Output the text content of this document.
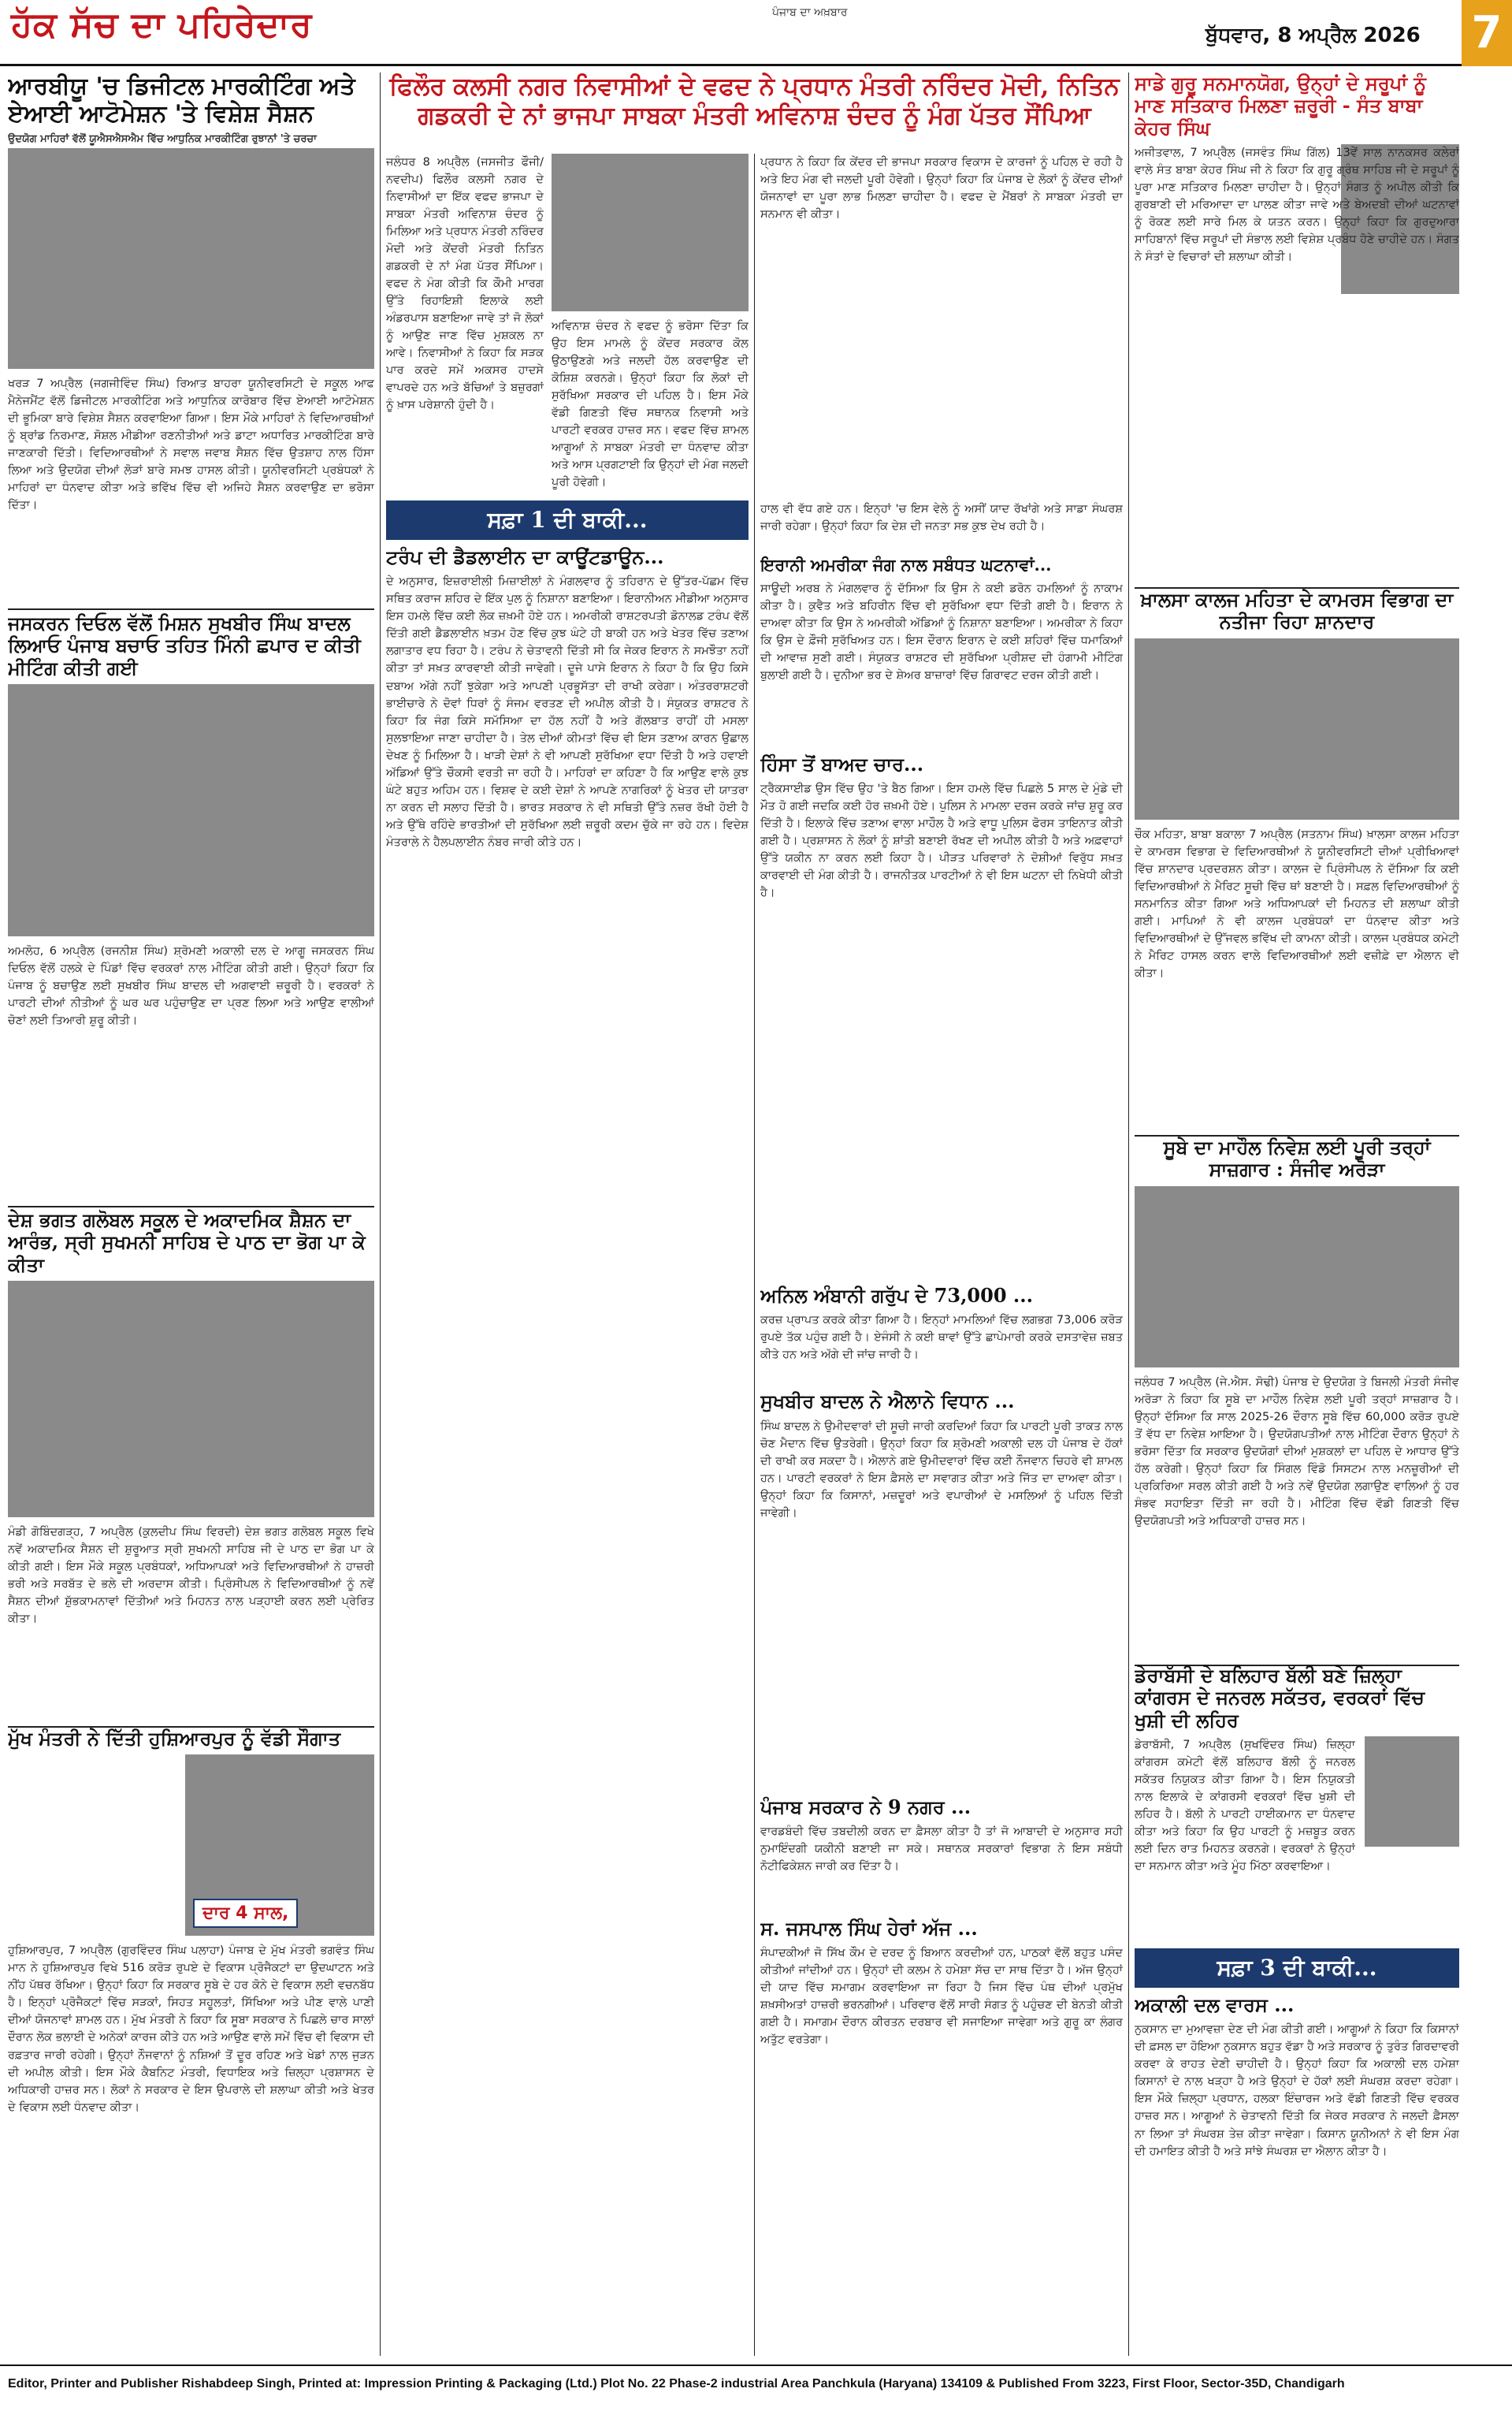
ਹੱਕ ਸੱਚ ਦਾ ਪਹਿਰੇਦਾਰ	ਪੰਜਾਬ ਦਾ ਅਖ਼ਬਾਰ
ਬੁੱਧਵਾਰ, 8 ਅਪ੍ਰੈਲ 2026 7
ਆਰਬੀਯੂ 'ਚ ਡਿਜੀਟਲ ਮਾਰਕੀਟਿੰਗ ਅਤੇ ਏਆਈ ਆਟੋਮੇਸ਼ਨ 'ਤੇ ਵਿਸ਼ੇਸ਼ ਸੈਸ਼ਨ
ਉਦਯੋਗ ਮਾਹਿਰਾਂ ਵੱਲੋਂ ਯੂਐਸਐਸਐਮ ਵਿੱਚ ਆਧੁਨਿਕ ਮਾਰਕੀਟਿੰਗ ਰੁਝਾਨਾਂ 'ਤੇ ਚਰਚਾ
ਖਰੜ 7 ਅਪ੍ਰੈਲ (ਜਗਜੀਵਿੰਦ ਸਿੰਘ) ਰਿਆਤ ਬਾਹਰਾ ਯੂਨੀਵਰਸਿਟੀ ਦੇ ਸਕੂਲ ਆਫ ਮੈਨੇਜਮੈਂਟ ਵੱਲੋਂ ਡਿਜੀਟਲ ਮਾਰਕੀਟਿੰਗ ਅਤੇ ਆਧੁਨਿਕ ਕਾਰੋਬਾਰ ਵਿੱਚ ਏਆਈ ਆਟੋਮੇਸ਼ਨ ਦੀ ਭੂਮਿਕਾ ਬਾਰੇ ਵਿਸ਼ੇਸ਼ ਸੈਸ਼ਨ ਕਰਵਾਇਆ ਗਿਆ। ਇਸ ਮੌਕੇ ਮਾਹਿਰਾਂ ਨੇ ਵਿਦਿਆਰਥੀਆਂ ਨੂੰ ਬ੍ਰਾਂਡ ਨਿਰਮਾਣ, ਸੋਸ਼ਲ ਮੀਡੀਆ ਰਣਨੀਤੀਆਂ ਅਤੇ ਡਾਟਾ ਅਧਾਰਿਤ ਮਾਰਕੀਟਿੰਗ ਬਾਰੇ ਜਾਣਕਾਰੀ ਦਿੱਤੀ। ਵਿਦਿਆਰਥੀਆਂ ਨੇ ਸਵਾਲ ਜਵਾਬ ਸੈਸ਼ਨ ਵਿੱਚ ਉਤਸ਼ਾਹ ਨਾਲ ਹਿੱਸਾ ਲਿਆ ਅਤੇ ਉਦਯੋਗ ਦੀਆਂ ਲੋੜਾਂ ਬਾਰੇ ਸਮਝ ਹਾਸਲ ਕੀਤੀ। ਯੂਨੀਵਰਸਿਟੀ ਪ੍ਰਬੰਧਕਾਂ ਨੇ ਮਾਹਿਰਾਂ ਦਾ ਧੰਨਵਾਦ ਕੀਤਾ ਅਤੇ ਭਵਿੱਖ ਵਿੱਚ ਵੀ ਅਜਿਹੇ ਸੈਸ਼ਨ ਕਰਵਾਉਣ ਦਾ ਭਰੋਸਾ ਦਿੱਤਾ।
ਜਸਕਰਨ ਦਿਓਲ ਵੱਲੋਂ ਮਿਸ਼ਨ ਸੁਖਬੀਰ ਸਿੰਘ ਬਾਦਲ ਲਿਆਓ ਪੰਜਾਬ ਬਚਾਓ ਤਹਿਤ ਮਿੰਨੀ ਛਪਾਰ ਦ ਕੀਤੀ ਮੀਟਿੰਗ ਕੀਤੀ ਗਈ
ਅਮਲੋਹ, 6 ਅਪ੍ਰੈਲ (ਰਜਨੀਸ਼ ਸਿੰਘ) ਸ਼੍ਰੋਮਣੀ ਅਕਾਲੀ ਦਲ ਦੇ ਆਗੂ ਜਸਕਰਨ ਸਿੰਘ ਦਿਓਲ ਵੱਲੋਂ ਹਲਕੇ ਦੇ ਪਿੰਡਾਂ ਵਿੱਚ ਵਰਕਰਾਂ ਨਾਲ ਮੀਟਿੰਗ ਕੀਤੀ ਗਈ। ਉਨ੍ਹਾਂ ਕਿਹਾ ਕਿ ਪੰਜਾਬ ਨੂੰ ਬਚਾਉਣ ਲਈ ਸੁਖਬੀਰ ਸਿੰਘ ਬਾਦਲ ਦੀ ਅਗਵਾਈ ਜ਼ਰੂਰੀ ਹੈ। ਵਰਕਰਾਂ ਨੇ ਪਾਰਟੀ ਦੀਆਂ ਨੀਤੀਆਂ ਨੂੰ ਘਰ ਘਰ ਪਹੁੰਚਾਉਣ ਦਾ ਪ੍ਰਣ ਲਿਆ ਅਤੇ ਆਉਣ ਵਾਲੀਆਂ ਚੋਣਾਂ ਲਈ ਤਿਆਰੀ ਸ਼ੁਰੂ ਕੀਤੀ।
ਦੇਸ਼ ਭਗਤ ਗਲੋਬਲ ਸਕੂਲ ਦੇ ਅਕਾਦਮਿਕ ਸ਼ੈਸ਼ਨ ਦਾ ਆਰੰਭ, ਸ੍ਰੀ ਸੁਖਮਨੀ ਸਾਹਿਬ ਦੇ ਪਾਠ ਦਾ ਭੋਗ ਪਾ ਕੇ ਕੀਤਾ
ਮੰਡੀ ਗੋਬਿੰਦਗੜ੍ਹ, 7 ਅਪ੍ਰੈਲ (ਕੁਲਦੀਪ ਸਿੰਘ ਵਿਰਦੀ) ਦੇਸ਼ ਭਗਤ ਗਲੋਬਲ ਸਕੂਲ ਵਿਖੇ ਨਵੇਂ ਅਕਾਦਮਿਕ ਸੈਸ਼ਨ ਦੀ ਸ਼ੁਰੂਆਤ ਸ੍ਰੀ ਸੁਖਮਨੀ ਸਾਹਿਬ ਜੀ ਦੇ ਪਾਠ ਦਾ ਭੋਗ ਪਾ ਕੇ ਕੀਤੀ ਗਈ। ਇਸ ਮੌਕੇ ਸਕੂਲ ਪ੍ਰਬੰਧਕਾਂ, ਅਧਿਆਪਕਾਂ ਅਤੇ ਵਿਦਿਆਰਥੀਆਂ ਨੇ ਹਾਜ਼ਰੀ ਭਰੀ ਅਤੇ ਸਰਬੱਤ ਦੇ ਭਲੇ ਦੀ ਅਰਦਾਸ ਕੀਤੀ। ਪ੍ਰਿੰਸੀਪਲ ਨੇ ਵਿਦਿਆਰਥੀਆਂ ਨੂੰ ਨਵੇਂ ਸੈਸ਼ਨ ਦੀਆਂ ਸ਼ੁੱਭਕਾਮਨਾਵਾਂ ਦਿੱਤੀਆਂ ਅਤੇ ਮਿਹਨਤ ਨਾਲ ਪੜ੍ਹਾਈ ਕਰਨ ਲਈ ਪ੍ਰੇਰਿਤ ਕੀਤਾ।
ਮੁੱਖ ਮੰਤਰੀ ਨੇ ਦਿੱਤੀ ਹੁਸ਼ਿਆਰਪੁਰ ਨੂੰ ਵੱਡੀ ਸੌਗਾਤ
ਦਾਰ 4 ਸਾਲ,
ਹੁਸ਼ਿਆਰਪੁਰ, 7 ਅਪ੍ਰੈਲ (ਗੁਰਵਿੰਦਰ ਸਿੰਘ ਪਲਾਹਾ) ਪੰਜਾਬ ਦੇ ਮੁੱਖ ਮੰਤਰੀ ਭਗਵੰਤ ਸਿੰਘ ਮਾਨ ਨੇ ਹੁਸ਼ਿਆਰਪੁਰ ਵਿਖੇ 516 ਕਰੋੜ ਰੁਪਏ ਦੇ ਵਿਕਾਸ ਪ੍ਰੋਜੈਕਟਾਂ ਦਾ ਉਦਘਾਟਨ ਅਤੇ ਨੀਂਹ ਪੱਥਰ ਰੱਖਿਆ। ਉਨ੍ਹਾਂ ਕਿਹਾ ਕਿ ਸਰਕਾਰ ਸੂਬੇ ਦੇ ਹਰ ਕੋਨੇ ਦੇ ਵਿਕਾਸ ਲਈ ਵਚਨਬੱਧ ਹੈ। ਇਨ੍ਹਾਂ ਪ੍ਰੋਜੈਕਟਾਂ ਵਿੱਚ ਸੜਕਾਂ, ਸਿਹਤ ਸਹੂਲਤਾਂ, ਸਿੱਖਿਆ ਅਤੇ ਪੀਣ ਵਾਲੇ ਪਾਣੀ ਦੀਆਂ ਯੋਜਨਾਵਾਂ ਸ਼ਾਮਲ ਹਨ। ਮੁੱਖ ਮੰਤਰੀ ਨੇ ਕਿਹਾ ਕਿ ਸੂਬਾ ਸਰਕਾਰ ਨੇ ਪਿਛਲੇ ਚਾਰ ਸਾਲਾਂ ਦੌਰਾਨ ਲੋਕ ਭਲਾਈ ਦੇ ਅਨੇਕਾਂ ਕਾਰਜ ਕੀਤੇ ਹਨ ਅਤੇ ਆਉਣ ਵਾਲੇ ਸਮੇਂ ਵਿੱਚ ਵੀ ਵਿਕਾਸ ਦੀ ਰਫ਼ਤਾਰ ਜਾਰੀ ਰਹੇਗੀ। ਉਨ੍ਹਾਂ ਨੌਜਵਾਨਾਂ ਨੂੰ ਨਸ਼ਿਆਂ ਤੋਂ ਦੂਰ ਰਹਿਣ ਅਤੇ ਖੇਡਾਂ ਨਾਲ ਜੁੜਨ ਦੀ ਅਪੀਲ ਕੀਤੀ। ਇਸ ਮੌਕੇ ਕੈਬਨਿਟ ਮੰਤਰੀ, ਵਿਧਾਇਕ ਅਤੇ ਜ਼ਿਲ੍ਹਾ ਪ੍ਰਸ਼ਾਸਨ ਦੇ ਅਧਿਕਾਰੀ ਹਾਜ਼ਰ ਸਨ। ਲੋਕਾਂ ਨੇ ਸਰਕਾਰ ਦੇ ਇਸ ਉਪਰਾਲੇ ਦੀ ਸ਼ਲਾਘਾ ਕੀਤੀ ਅਤੇ ਖੇਤਰ ਦੇ ਵਿਕਾਸ ਲਈ ਧੰਨਵਾਦ ਕੀਤਾ।
ਫਿਲੌਰ ਕਲਸੀ ਨਗਰ ਨਿਵਾਸੀਆਂ ਦੇ ਵਫਦ ਨੇ ਪ੍ਰਧਾਨ ਮੰਤਰੀ ਨਰਿੰਦਰ ਮੋਦੀ, ਨਿਤਿਨ ਗਡਕਰੀ ਦੇ ਨਾਂ ਭਾਜਪਾ ਸਾਬਕਾ ਮੰਤਰੀ ਅਵਿਨਾਸ਼ ਚੰਦਰ ਨੂੰ ਮੰਗ ਪੱਤਰ ਸੌਂਪਿਆ
ਜਲੰਧਰ 8 ਅਪ੍ਰੈਲ (ਜਸਜੀਤ ਫੌਜੀ/ਨਵਦੀਪ) ਫਿਲੌਰ ਕਲਸੀ ਨਗਰ ਦੇ ਨਿਵਾਸੀਆਂ ਦਾ ਇੱਕ ਵਫਦ ਭਾਜਪਾ ਦੇ ਸਾਬਕਾ ਮੰਤਰੀ ਅਵਿਨਾਸ਼ ਚੰਦਰ ਨੂੰ ਮਿਲਿਆ ਅਤੇ ਪ੍ਰਧਾਨ ਮੰਤਰੀ ਨਰਿੰਦਰ ਮੋਦੀ ਅਤੇ ਕੇਂਦਰੀ ਮੰਤਰੀ ਨਿਤਿਨ ਗਡਕਰੀ ਦੇ ਨਾਂ ਮੰਗ ਪੱਤਰ ਸੌਂਪਿਆ। ਵਫਦ ਨੇ ਮੰਗ ਕੀਤੀ ਕਿ ਕੌਮੀ ਮਾਰਗ ਉੱਤੇ ਰਿਹਾਇਸ਼ੀ ਇਲਾਕੇ ਲਈ ਅੰਡਰਪਾਸ ਬਣਾਇਆ ਜਾਵੇ ਤਾਂ ਜੋ ਲੋਕਾਂ ਨੂੰ ਆਉਣ ਜਾਣ ਵਿੱਚ ਮੁਸ਼ਕਲ ਨਾ ਆਵੇ। ਨਿਵਾਸੀਆਂ ਨੇ ਕਿਹਾ ਕਿ ਸੜਕ ਪਾਰ ਕਰਦੇ ਸਮੇਂ ਅਕਸਰ ਹਾਦਸੇ ਵਾਪਰਦੇ ਹਨ ਅਤੇ ਬੱਚਿਆਂ ਤੇ ਬਜ਼ੁਰਗਾਂ ਨੂੰ ਖ਼ਾਸ ਪਰੇਸ਼ਾਨੀ ਹੁੰਦੀ ਹੈ।
ਅਵਿਨਾਸ਼ ਚੰਦਰ ਨੇ ਵਫਦ ਨੂੰ ਭਰੋਸਾ ਦਿੱਤਾ ਕਿ ਉਹ ਇਸ ਮਾਮਲੇ ਨੂੰ ਕੇਂਦਰ ਸਰਕਾਰ ਕੋਲ ਉਠਾਉਣਗੇ ਅਤੇ ਜਲਦੀ ਹੱਲ ਕਰਵਾਉਣ ਦੀ ਕੋਸ਼ਿਸ਼ ਕਰਨਗੇ। ਉਨ੍ਹਾਂ ਕਿਹਾ ਕਿ ਲੋਕਾਂ ਦੀ ਸੁਰੱਖਿਆ ਸਰਕਾਰ ਦੀ ਪਹਿਲ ਹੈ। ਇਸ ਮੌਕੇ ਵੱਡੀ ਗਿਣਤੀ ਵਿੱਚ ਸਥਾਨਕ ਨਿਵਾਸੀ ਅਤੇ ਪਾਰਟੀ ਵਰਕਰ ਹਾਜ਼ਰ ਸਨ। ਵਫਦ ਵਿੱਚ ਸ਼ਾਮਲ ਆਗੂਆਂ ਨੇ ਸਾਬਕਾ ਮੰਤਰੀ ਦਾ ਧੰਨਵਾਦ ਕੀਤਾ ਅਤੇ ਆਸ ਪ੍ਰਗਟਾਈ ਕਿ ਉਨ੍ਹਾਂ ਦੀ ਮੰਗ ਜਲਦੀ ਪੂਰੀ ਹੋਵੇਗੀ।
ਸਫ਼ਾ 1 ਦੀ ਬਾਕੀ...
ਟਰੰਪ ਦੀ ਡੈਡਲਾਈਨ ਦਾ ਕਾਊਂਟਡਾਊਨ...
ਦੇ ਅਨੁਸਾਰ, ਇਜ਼ਰਾਈਲੀ ਮਿਜ਼ਾਈਲਾਂ ਨੇ ਮੰਗਲਵਾਰ ਨੂੰ ਤਹਿਰਾਨ ਦੇ ਉੱਤਰ-ਪੱਛਮ ਵਿੱਚ ਸਥਿਤ ਕਰਾਜ ਸ਼ਹਿਰ ਦੇ ਇੱਕ ਪੁਲ ਨੂੰ ਨਿਸ਼ਾਨਾ ਬਣਾਇਆ। ਇਰਾਨੀਅਨ ਮੀਡੀਆ ਅਨੁਸਾਰ ਇਸ ਹਮਲੇ ਵਿੱਚ ਕਈ ਲੋਕ ਜ਼ਖ਼ਮੀ ਹੋਏ ਹਨ। ਅਮਰੀਕੀ ਰਾਸ਼ਟਰਪਤੀ ਡੋਨਾਲਡ ਟਰੰਪ ਵੱਲੋਂ ਦਿੱਤੀ ਗਈ ਡੈਡਲਾਈਨ ਖ਼ਤਮ ਹੋਣ ਵਿੱਚ ਕੁਝ ਘੰਟੇ ਹੀ ਬਾਕੀ ਹਨ ਅਤੇ ਖੇਤਰ ਵਿੱਚ ਤਣਾਅ ਲਗਾਤਾਰ ਵਧ ਰਿਹਾ ਹੈ। ਟਰੰਪ ਨੇ ਚੇਤਾਵਨੀ ਦਿੱਤੀ ਸੀ ਕਿ ਜੇਕਰ ਇਰਾਨ ਨੇ ਸਮਝੌਤਾ ਨਹੀਂ ਕੀਤਾ ਤਾਂ ਸਖ਼ਤ ਕਾਰਵਾਈ ਕੀਤੀ ਜਾਵੇਗੀ। ਦੂਜੇ ਪਾਸੇ ਇਰਾਨ ਨੇ ਕਿਹਾ ਹੈ ਕਿ ਉਹ ਕਿਸੇ ਦਬਾਅ ਅੱਗੇ ਨਹੀਂ ਝੁਕੇਗਾ ਅਤੇ ਆਪਣੀ ਪ੍ਰਭੂਸੱਤਾ ਦੀ ਰਾਖੀ ਕਰੇਗਾ। ਅੰਤਰਰਾਸ਼ਟਰੀ ਭਾਈਚਾਰੇ ਨੇ ਦੋਵਾਂ ਧਿਰਾਂ ਨੂੰ ਸੰਜਮ ਵਰਤਣ ਦੀ ਅਪੀਲ ਕੀਤੀ ਹੈ। ਸੰਯੁਕਤ ਰਾਸ਼ਟਰ ਨੇ ਕਿਹਾ ਕਿ ਜੰਗ ਕਿਸੇ ਸਮੱਸਿਆ ਦਾ ਹੱਲ ਨਹੀਂ ਹੈ ਅਤੇ ਗੱਲਬਾਤ ਰਾਹੀਂ ਹੀ ਮਸਲਾ ਸੁਲਝਾਇਆ ਜਾਣਾ ਚਾਹੀਦਾ ਹੈ। ਤੇਲ ਦੀਆਂ ਕੀਮਤਾਂ ਵਿੱਚ ਵੀ ਇਸ ਤਣਾਅ ਕਾਰਨ ਉਛਾਲ ਦੇਖਣ ਨੂੰ ਮਿਲਿਆ ਹੈ। ਖਾੜੀ ਦੇਸ਼ਾਂ ਨੇ ਵੀ ਆਪਣੀ ਸੁਰੱਖਿਆ ਵਧਾ ਦਿੱਤੀ ਹੈ ਅਤੇ ਹਵਾਈ ਅੱਡਿਆਂ ਉੱਤੇ ਚੌਕਸੀ ਵਰਤੀ ਜਾ ਰਹੀ ਹੈ। ਮਾਹਿਰਾਂ ਦਾ ਕਹਿਣਾ ਹੈ ਕਿ ਆਉਣ ਵਾਲੇ ਕੁਝ ਘੰਟੇ ਬਹੁਤ ਅਹਿਮ ਹਨ। ਵਿਸ਼ਵ ਦੇ ਕਈ ਦੇਸ਼ਾਂ ਨੇ ਆਪਣੇ ਨਾਗਰਿਕਾਂ ਨੂੰ ਖੇਤਰ ਦੀ ਯਾਤਰਾ ਨਾ ਕਰਨ ਦੀ ਸਲਾਹ ਦਿੱਤੀ ਹੈ। ਭਾਰਤ ਸਰਕਾਰ ਨੇ ਵੀ ਸਥਿਤੀ ਉੱਤੇ ਨਜ਼ਰ ਰੱਖੀ ਹੋਈ ਹੈ ਅਤੇ ਉੱਥੇ ਰਹਿੰਦੇ ਭਾਰਤੀਆਂ ਦੀ ਸੁਰੱਖਿਆ ਲਈ ਜ਼ਰੂਰੀ ਕਦਮ ਚੁੱਕੇ ਜਾ ਰਹੇ ਹਨ। ਵਿਦੇਸ਼ ਮੰਤਰਾਲੇ ਨੇ ਹੈਲਪਲਾਈਨ ਨੰਬਰ ਜਾਰੀ ਕੀਤੇ ਹਨ।
ਪ੍ਰਧਾਨ ਨੇ ਕਿਹਾ ਕਿ ਕੇਂਦਰ ਦੀ ਭਾਜਪਾ ਸਰਕਾਰ ਵਿਕਾਸ ਦੇ ਕਾਰਜਾਂ ਨੂੰ ਪਹਿਲ ਦੇ ਰਹੀ ਹੈ ਅਤੇ ਇਹ ਮੰਗ ਵੀ ਜਲਦੀ ਪੂਰੀ ਹੋਵੇਗੀ। ਉਨ੍ਹਾਂ ਕਿਹਾ ਕਿ ਪੰਜਾਬ ਦੇ ਲੋਕਾਂ ਨੂੰ ਕੇਂਦਰ ਦੀਆਂ ਯੋਜਨਾਵਾਂ ਦਾ ਪੂਰਾ ਲਾਭ ਮਿਲਣਾ ਚਾਹੀਦਾ ਹੈ। ਵਫਦ ਦੇ ਮੈਂਬਰਾਂ ਨੇ ਸਾਬਕਾ ਮੰਤਰੀ ਦਾ ਸਨਮਾਨ ਵੀ ਕੀਤਾ।
ਹਾਲ ਵੀ ਵੱਧ ਗਏ ਹਨ। ਇਨ੍ਹਾਂ 'ਚ ਇਸ ਵੇਲੇ ਨੂੰ ਅਸੀਂ ਯਾਦ ਰੱਖਾਂਗੇ ਅਤੇ ਸਾਡਾ ਸੰਘਰਸ਼ ਜਾਰੀ ਰਹੇਗਾ। ਉਨ੍ਹਾਂ ਕਿਹਾ ਕਿ ਦੇਸ਼ ਦੀ ਜਨਤਾ ਸਭ ਕੁਝ ਦੇਖ ਰਹੀ ਹੈ।
ਇਰਾਨੀ ਅਮਰੀਕਾ ਜੰਗ ਨਾਲ ਸਬੰਧਤ ਘਟਨਾਵਾਂ...
ਸਾਊਦੀ ਅਰਬ ਨੇ ਮੰਗਲਵਾਰ ਨੂੰ ਦੱਸਿਆ ਕਿ ਉਸ ਨੇ ਕਈ ਡਰੋਨ ਹਮਲਿਆਂ ਨੂੰ ਨਾਕਾਮ ਕੀਤਾ ਹੈ। ਕੁਵੈਤ ਅਤੇ ਬਹਿਰੀਨ ਵਿੱਚ ਵੀ ਸੁਰੱਖਿਆ ਵਧਾ ਦਿੱਤੀ ਗਈ ਹੈ। ਇਰਾਨ ਨੇ ਦਾਅਵਾ ਕੀਤਾ ਕਿ ਉਸ ਨੇ ਅਮਰੀਕੀ ਅੱਡਿਆਂ ਨੂੰ ਨਿਸ਼ਾਨਾ ਬਣਾਇਆ। ਅਮਰੀਕਾ ਨੇ ਕਿਹਾ ਕਿ ਉਸ ਦੇ ਫ਼ੌਜੀ ਸੁਰੱਖਿਅਤ ਹਨ। ਇਸ ਦੌਰਾਨ ਇਰਾਨ ਦੇ ਕਈ ਸ਼ਹਿਰਾਂ ਵਿੱਚ ਧਮਾਕਿਆਂ ਦੀ ਆਵਾਜ਼ ਸੁਣੀ ਗਈ। ਸੰਯੁਕਤ ਰਾਸ਼ਟਰ ਦੀ ਸੁਰੱਖਿਆ ਪ੍ਰੀਸ਼ਦ ਦੀ ਹੰਗਾਮੀ ਮੀਟਿੰਗ ਬੁਲਾਈ ਗਈ ਹੈ। ਦੁਨੀਆ ਭਰ ਦੇ ਸ਼ੇਅਰ ਬਾਜ਼ਾਰਾਂ ਵਿੱਚ ਗਿਰਾਵਟ ਦਰਜ ਕੀਤੀ ਗਈ।
ਹਿੰਸਾ ਤੋਂ ਬਾਅਦ ਚਾਰ...
ਟ੍ਰੈਕਸਾਈਡ ਉਸ ਵਿੱਚ ਉਹ 'ਤੇ ਬੈਠ ਗਿਆ। ਇਸ ਹਮਲੇ ਵਿੱਚ ਪਿਛਲੇ 5 ਸਾਲ ਦੇ ਮੁੰਡੇ ਦੀ ਮੌਤ ਹੋ ਗਈ ਜਦਕਿ ਕਈ ਹੋਰ ਜ਼ਖ਼ਮੀ ਹੋਏ। ਪੁਲਿਸ ਨੇ ਮਾਮਲਾ ਦਰਜ ਕਰਕੇ ਜਾਂਚ ਸ਼ੁਰੂ ਕਰ ਦਿੱਤੀ ਹੈ। ਇਲਾਕੇ ਵਿੱਚ ਤਣਾਅ ਵਾਲਾ ਮਾਹੌਲ ਹੈ ਅਤੇ ਵਾਧੂ ਪੁਲਿਸ ਫੋਰਸ ਤਾਇਨਾਤ ਕੀਤੀ ਗਈ ਹੈ। ਪ੍ਰਸ਼ਾਸਨ ਨੇ ਲੋਕਾਂ ਨੂੰ ਸ਼ਾਂਤੀ ਬਣਾਈ ਰੱਖਣ ਦੀ ਅਪੀਲ ਕੀਤੀ ਹੈ ਅਤੇ ਅਫ਼ਵਾਹਾਂ ਉੱਤੇ ਯਕੀਨ ਨਾ ਕਰਨ ਲਈ ਕਿਹਾ ਹੈ। ਪੀੜਤ ਪਰਿਵਾਰਾਂ ਨੇ ਦੋਸ਼ੀਆਂ ਵਿਰੁੱਧ ਸਖ਼ਤ ਕਾਰਵਾਈ ਦੀ ਮੰਗ ਕੀਤੀ ਹੈ। ਰਾਜਨੀਤਕ ਪਾਰਟੀਆਂ ਨੇ ਵੀ ਇਸ ਘਟਨਾ ਦੀ ਨਿਖੇਧੀ ਕੀਤੀ ਹੈ।
ਅਨਿਲ ਅੰਬਾਨੀ ਗਰੁੱਪ ਦੇ 73,000 ...
ਕਰਜ਼ ਪ੍ਰਾਪਤ ਕਰਕੇ ਕੀਤਾ ਗਿਆ ਹੈ। ਇਨ੍ਹਾਂ ਮਾਮਲਿਆਂ ਵਿੱਚ ਲਗਭਗ 73,006 ਕਰੋੜ ਰੁਪਏ ਤੱਕ ਪਹੁੰਚ ਗਈ ਹੈ। ਏਜੰਸੀ ਨੇ ਕਈ ਥਾਵਾਂ ਉੱਤੇ ਛਾਪੇਮਾਰੀ ਕਰਕੇ ਦਸਤਾਵੇਜ਼ ਜ਼ਬਤ ਕੀਤੇ ਹਨ ਅਤੇ ਅੱਗੇ ਦੀ ਜਾਂਚ ਜਾਰੀ ਹੈ।
ਸੁਖਬੀਰ ਬਾਦਲ ਨੇ ਐਲਾਨੇ ਵਿਧਾਨ ...
ਸਿੰਘ ਬਾਦਲ ਨੇ ਉਮੀਦਵਾਰਾਂ ਦੀ ਸੂਚੀ ਜਾਰੀ ਕਰਦਿਆਂ ਕਿਹਾ ਕਿ ਪਾਰਟੀ ਪੂਰੀ ਤਾਕਤ ਨਾਲ ਚੋਣ ਮੈਦਾਨ ਵਿੱਚ ਉਤਰੇਗੀ। ਉਨ੍ਹਾਂ ਕਿਹਾ ਕਿ ਸ਼੍ਰੋਮਣੀ ਅਕਾਲੀ ਦਲ ਹੀ ਪੰਜਾਬ ਦੇ ਹੱਕਾਂ ਦੀ ਰਾਖੀ ਕਰ ਸਕਦਾ ਹੈ। ਐਲਾਨੇ ਗਏ ਉਮੀਦਵਾਰਾਂ ਵਿੱਚ ਕਈ ਨੌਜਵਾਨ ਚਿਹਰੇ ਵੀ ਸ਼ਾਮਲ ਹਨ। ਪਾਰਟੀ ਵਰਕਰਾਂ ਨੇ ਇਸ ਫ਼ੈਸਲੇ ਦਾ ਸਵਾਗਤ ਕੀਤਾ ਅਤੇ ਜਿੱਤ ਦਾ ਦਾਅਵਾ ਕੀਤਾ। ਉਨ੍ਹਾਂ ਕਿਹਾ ਕਿ ਕਿਸਾਨਾਂ, ਮਜ਼ਦੂਰਾਂ ਅਤੇ ਵਪਾਰੀਆਂ ਦੇ ਮਸਲਿਆਂ ਨੂੰ ਪਹਿਲ ਦਿੱਤੀ ਜਾਵੇਗੀ।
ਪੰਜਾਬ ਸਰਕਾਰ ਨੇ 9 ਨਗਰ ...
ਵਾਰਡਬੰਦੀ ਵਿੱਚ ਤਬਦੀਲੀ ਕਰਨ ਦਾ ਫ਼ੈਸਲਾ ਕੀਤਾ ਹੈ ਤਾਂ ਜੋ ਆਬਾਦੀ ਦੇ ਅਨੁਸਾਰ ਸਹੀ ਨੁਮਾਇੰਦਗੀ ਯਕੀਨੀ ਬਣਾਈ ਜਾ ਸਕੇ। ਸਥਾਨਕ ਸਰਕਾਰਾਂ ਵਿਭਾਗ ਨੇ ਇਸ ਸਬੰਧੀ ਨੋਟੀਫਿਕੇਸ਼ਨ ਜਾਰੀ ਕਰ ਦਿੱਤਾ ਹੈ।
ਸ. ਜਸਪਾਲ ਸਿੰਘ ਹੇਰਾਂ ਅੱਜ ...
ਸੰਪਾਦਕੀਆਂ ਜੋ ਸਿੱਖ ਕੌਮ ਦੇ ਦਰਦ ਨੂੰ ਬਿਆਨ ਕਰਦੀਆਂ ਹਨ, ਪਾਠਕਾਂ ਵੱਲੋਂ ਬਹੁਤ ਪਸੰਦ ਕੀਤੀਆਂ ਜਾਂਦੀਆਂ ਹਨ। ਉਨ੍ਹਾਂ ਦੀ ਕਲਮ ਨੇ ਹਮੇਸ਼ਾ ਸੱਚ ਦਾ ਸਾਥ ਦਿੱਤਾ ਹੈ। ਅੱਜ ਉਨ੍ਹਾਂ ਦੀ ਯਾਦ ਵਿੱਚ ਸਮਾਗਮ ਕਰਵਾਇਆ ਜਾ ਰਿਹਾ ਹੈ ਜਿਸ ਵਿੱਚ ਪੰਥ ਦੀਆਂ ਪ੍ਰਮੁੱਖ ਸ਼ਖ਼ਸੀਅਤਾਂ ਹਾਜ਼ਰੀ ਭਰਨਗੀਆਂ। ਪਰਿਵਾਰ ਵੱਲੋਂ ਸਾਰੀ ਸੰਗਤ ਨੂੰ ਪਹੁੰਚਣ ਦੀ ਬੇਨਤੀ ਕੀਤੀ ਗਈ ਹੈ। ਸਮਾਗਮ ਦੌਰਾਨ ਕੀਰਤਨ ਦਰਬਾਰ ਵੀ ਸਜਾਇਆ ਜਾਵੇਗਾ ਅਤੇ ਗੁਰੂ ਕਾ ਲੰਗਰ ਅਤੁੱਟ ਵਰਤੇਗਾ।
ਸਾਡੇ ਗੁਰੂ ਸਨਮਾਨਯੋਗ, ਉਨ੍ਹਾਂ ਦੇ ਸਰੂਪਾਂ ਨੂੰ ਮਾਣ ਸਤਿਕਾਰ ਮਿਲਣਾ ਜ਼ਰੂਰੀ - ਸੰਤ ਬਾਬਾ ਕੇਹਰ ਸਿੰਘ
ਅਜੀਤਵਾਲ, 7 ਅਪ੍ਰੈਲ (ਜਸਵੰਤ ਸਿੰਘ ਗਿੱਲ) 13ਵੇਂ ਸਾਲ ਨਾਨਕਸਰ ਕਲੇਰਾਂ ਵਾਲੇ ਸੰਤ ਬਾਬਾ ਕੇਹਰ ਸਿੰਘ ਜੀ ਨੇ ਕਿਹਾ ਕਿ ਗੁਰੂ ਗ੍ਰੰਥ ਸਾਹਿਬ ਜੀ ਦੇ ਸਰੂਪਾਂ ਨੂੰ ਪੂਰਾ ਮਾਣ ਸਤਿਕਾਰ ਮਿਲਣਾ ਚਾਹੀਦਾ ਹੈ। ਉਨ੍ਹਾਂ ਸੰਗਤ ਨੂੰ ਅਪੀਲ ਕੀਤੀ ਕਿ ਗੁਰਬਾਣੀ ਦੀ ਮਰਿਆਦਾ ਦਾ ਪਾਲਣ ਕੀਤਾ ਜਾਵੇ ਅਤੇ ਬੇਅਦਬੀ ਦੀਆਂ ਘਟਨਾਵਾਂ ਨੂੰ ਰੋਕਣ ਲਈ ਸਾਰੇ ਮਿਲ ਕੇ ਯਤਨ ਕਰਨ। ਉਨ੍ਹਾਂ ਕਿਹਾ ਕਿ ਗੁਰਦੁਆਰਾ ਸਾਹਿਬਾਨਾਂ ਵਿੱਚ ਸਰੂਪਾਂ ਦੀ ਸੰਭਾਲ ਲਈ ਵਿਸ਼ੇਸ਼ ਪ੍ਰਬੰਧ ਹੋਣੇ ਚਾਹੀਦੇ ਹਨ। ਸੰਗਤ ਨੇ ਸੰਤਾਂ ਦੇ ਵਿਚਾਰਾਂ ਦੀ ਸ਼ਲਾਘਾ ਕੀਤੀ।
ਖ਼ਾਲਸਾ ਕਾਲਜ ਮਹਿਤਾ ਦੇ ਕਾਮਰਸ ਵਿਭਾਗ ਦਾ ਨਤੀਜਾ ਰਿਹਾ ਸ਼ਾਨਦਾਰ
ਚੌਕ ਮਹਿਤਾ, ਬਾਬਾ ਬਕਾਲਾ 7 ਅਪ੍ਰੈਲ (ਸਤਨਾਮ ਸਿੰਘ) ਖ਼ਾਲਸਾ ਕਾਲਜ ਮਹਿਤਾ ਦੇ ਕਾਮਰਸ ਵਿਭਾਗ ਦੇ ਵਿਦਿਆਰਥੀਆਂ ਨੇ ਯੂਨੀਵਰਸਿਟੀ ਦੀਆਂ ਪ੍ਰੀਖਿਆਵਾਂ ਵਿੱਚ ਸ਼ਾਨਦਾਰ ਪ੍ਰਦਰਸ਼ਨ ਕੀਤਾ। ਕਾਲਜ ਦੇ ਪ੍ਰਿੰਸੀਪਲ ਨੇ ਦੱਸਿਆ ਕਿ ਕਈ ਵਿਦਿਆਰਥੀਆਂ ਨੇ ਮੈਰਿਟ ਸੂਚੀ ਵਿੱਚ ਥਾਂ ਬਣਾਈ ਹੈ। ਸਫ਼ਲ ਵਿਦਿਆਰਥੀਆਂ ਨੂੰ ਸਨਮਾਨਿਤ ਕੀਤਾ ਗਿਆ ਅਤੇ ਅਧਿਆਪਕਾਂ ਦੀ ਮਿਹਨਤ ਦੀ ਸ਼ਲਾਘਾ ਕੀਤੀ ਗਈ। ਮਾਪਿਆਂ ਨੇ ਵੀ ਕਾਲਜ ਪ੍ਰਬੰਧਕਾਂ ਦਾ ਧੰਨਵਾਦ ਕੀਤਾ ਅਤੇ ਵਿਦਿਆਰਥੀਆਂ ਦੇ ਉੱਜਵਲ ਭਵਿੱਖ ਦੀ ਕਾਮਨਾ ਕੀਤੀ। ਕਾਲਜ ਪ੍ਰਬੰਧਕ ਕਮੇਟੀ ਨੇ ਮੈਰਿਟ ਹਾਸਲ ਕਰਨ ਵਾਲੇ ਵਿਦਿਆਰਥੀਆਂ ਲਈ ਵਜ਼ੀਫ਼ੇ ਦਾ ਐਲਾਨ ਵੀ ਕੀਤਾ।
ਸੂਬੇ ਦਾ ਮਾਹੌਲ ਨਿਵੇਸ਼ ਲਈ ਪੂਰੀ ਤਰ੍ਹਾਂ ਸਾਜ਼ਗਾਰ : ਸੰਜੀਵ ਅਰੋੜਾ
ਜਲੰਧਰ 7 ਅਪ੍ਰੈਲ (ਜੇ.ਐਸ. ਸੋਢੀ) ਪੰਜਾਬ ਦੇ ਉਦਯੋਗ ਤੇ ਬਿਜਲੀ ਮੰਤਰੀ ਸੰਜੀਵ ਅਰੋੜਾ ਨੇ ਕਿਹਾ ਕਿ ਸੂਬੇ ਦਾ ਮਾਹੌਲ ਨਿਵੇਸ਼ ਲਈ ਪੂਰੀ ਤਰ੍ਹਾਂ ਸਾਜ਼ਗਾਰ ਹੈ। ਉਨ੍ਹਾਂ ਦੱਸਿਆ ਕਿ ਸਾਲ 2025-26 ਦੌਰਾਨ ਸੂਬੇ ਵਿੱਚ 60,000 ਕਰੋੜ ਰੁਪਏ ਤੋਂ ਵੱਧ ਦਾ ਨਿਵੇਸ਼ ਆਇਆ ਹੈ। ਉਦਯੋਗਪਤੀਆਂ ਨਾਲ ਮੀਟਿੰਗ ਦੌਰਾਨ ਉਨ੍ਹਾਂ ਨੇ ਭਰੋਸਾ ਦਿੱਤਾ ਕਿ ਸਰਕਾਰ ਉਦਯੋਗਾਂ ਦੀਆਂ ਮੁਸ਼ਕਲਾਂ ਦਾ ਪਹਿਲ ਦੇ ਆਧਾਰ ਉੱਤੇ ਹੱਲ ਕਰੇਗੀ। ਉਨ੍ਹਾਂ ਕਿਹਾ ਕਿ ਸਿੰਗਲ ਵਿੰਡੋ ਸਿਸਟਮ ਨਾਲ ਮਨਜ਼ੂਰੀਆਂ ਦੀ ਪ੍ਰਕਿਰਿਆ ਸਰਲ ਕੀਤੀ ਗਈ ਹੈ ਅਤੇ ਨਵੇਂ ਉਦਯੋਗ ਲਗਾਉਣ ਵਾਲਿਆਂ ਨੂੰ ਹਰ ਸੰਭਵ ਸਹਾਇਤਾ ਦਿੱਤੀ ਜਾ ਰਹੀ ਹੈ। ਮੀਟਿੰਗ ਵਿੱਚ ਵੱਡੀ ਗਿਣਤੀ ਵਿੱਚ ਉਦਯੋਗਪਤੀ ਅਤੇ ਅਧਿਕਾਰੀ ਹਾਜ਼ਰ ਸਨ।
ਡੇਰਾਬੱਸੀ ਦੇ ਬਲਿਹਾਰ ਬੱਲੀ ਬਣੇ ਜ਼ਿਲ੍ਹਾ ਕਾਂਗਰਸ ਦੇ ਜਨਰਲ ਸਕੱਤਰ, ਵਰਕਰਾਂ ਵਿੱਚ ਖੁਸ਼ੀ ਦੀ ਲਹਿਰ
ਡੇਰਾਬੱਸੀ, 7 ਅਪ੍ਰੈਲ (ਸੁਖਵਿੰਦਰ ਸਿੰਘ) ਜ਼ਿਲ੍ਹਾ ਕਾਂਗਰਸ ਕਮੇਟੀ ਵੱਲੋਂ ਬਲਿਹਾਰ ਬੱਲੀ ਨੂੰ ਜਨਰਲ ਸਕੱਤਰ ਨਿਯੁਕਤ ਕੀਤਾ ਗਿਆ ਹੈ। ਇਸ ਨਿਯੁਕਤੀ ਨਾਲ ਇਲਾਕੇ ਦੇ ਕਾਂਗਰਸੀ ਵਰਕਰਾਂ ਵਿੱਚ ਖੁਸ਼ੀ ਦੀ ਲਹਿਰ ਹੈ। ਬੱਲੀ ਨੇ ਪਾਰਟੀ ਹਾਈਕਮਾਨ ਦਾ ਧੰਨਵਾਦ ਕੀਤਾ ਅਤੇ ਕਿਹਾ ਕਿ ਉਹ ਪਾਰਟੀ ਨੂੰ ਮਜ਼ਬੂਤ ਕਰਨ ਲਈ ਦਿਨ ਰਾਤ ਮਿਹਨਤ ਕਰਨਗੇ। ਵਰਕਰਾਂ ਨੇ ਉਨ੍ਹਾਂ ਦਾ ਸਨਮਾਨ ਕੀਤਾ ਅਤੇ ਮੂੰਹ ਮਿੱਠਾ ਕਰਵਾਇਆ।
ਸਫ਼ਾ 3 ਦੀ ਬਾਕੀ...
ਅਕਾਲੀ ਦਲ ਵਾਰਸ ...
ਨੁਕਸਾਨ ਦਾ ਮੁਆਵਜ਼ਾ ਦੇਣ ਦੀ ਮੰਗ ਕੀਤੀ ਗਈ। ਆਗੂਆਂ ਨੇ ਕਿਹਾ ਕਿ ਕਿਸਾਨਾਂ ਦੀ ਫ਼ਸਲ ਦਾ ਹੋਇਆ ਨੁਕਸਾਨ ਬਹੁਤ ਵੱਡਾ ਹੈ ਅਤੇ ਸਰਕਾਰ ਨੂੰ ਤੁਰੰਤ ਗਿਰਦਾਵਰੀ ਕਰਵਾ ਕੇ ਰਾਹਤ ਦੇਣੀ ਚਾਹੀਦੀ ਹੈ। ਉਨ੍ਹਾਂ ਕਿਹਾ ਕਿ ਅਕਾਲੀ ਦਲ ਹਮੇਸ਼ਾ ਕਿਸਾਨਾਂ ਦੇ ਨਾਲ ਖੜ੍ਹਾ ਹੈ ਅਤੇ ਉਨ੍ਹਾਂ ਦੇ ਹੱਕਾਂ ਲਈ ਸੰਘਰਸ਼ ਕਰਦਾ ਰਹੇਗਾ। ਇਸ ਮੌਕੇ ਜ਼ਿਲ੍ਹਾ ਪ੍ਰਧਾਨ, ਹਲਕਾ ਇੰਚਾਰਜ ਅਤੇ ਵੱਡੀ ਗਿਣਤੀ ਵਿੱਚ ਵਰਕਰ ਹਾਜ਼ਰ ਸਨ। ਆਗੂਆਂ ਨੇ ਚੇਤਾਵਨੀ ਦਿੱਤੀ ਕਿ ਜੇਕਰ ਸਰਕਾਰ ਨੇ ਜਲਦੀ ਫ਼ੈਸਲਾ ਨਾ ਲਿਆ ਤਾਂ ਸੰਘਰਸ਼ ਤੇਜ਼ ਕੀਤਾ ਜਾਵੇਗਾ। ਕਿਸਾਨ ਯੂਨੀਅਨਾਂ ਨੇ ਵੀ ਇਸ ਮੰਗ ਦੀ ਹਮਾਇਤ ਕੀਤੀ ਹੈ ਅਤੇ ਸਾਂਝੇ ਸੰਘਰਸ਼ ਦਾ ਐਲਾਨ ਕੀਤਾ ਹੈ।
Editor, Printer and Publisher Rishabdeep Singh, Printed at: Impression Printing & Packaging (Ltd.) Plot No. 22 Phase-2 industrial Area Panchkula (Haryana) 134109 & Published From 3223, First Floor, Sector-35D, Chandigarh
